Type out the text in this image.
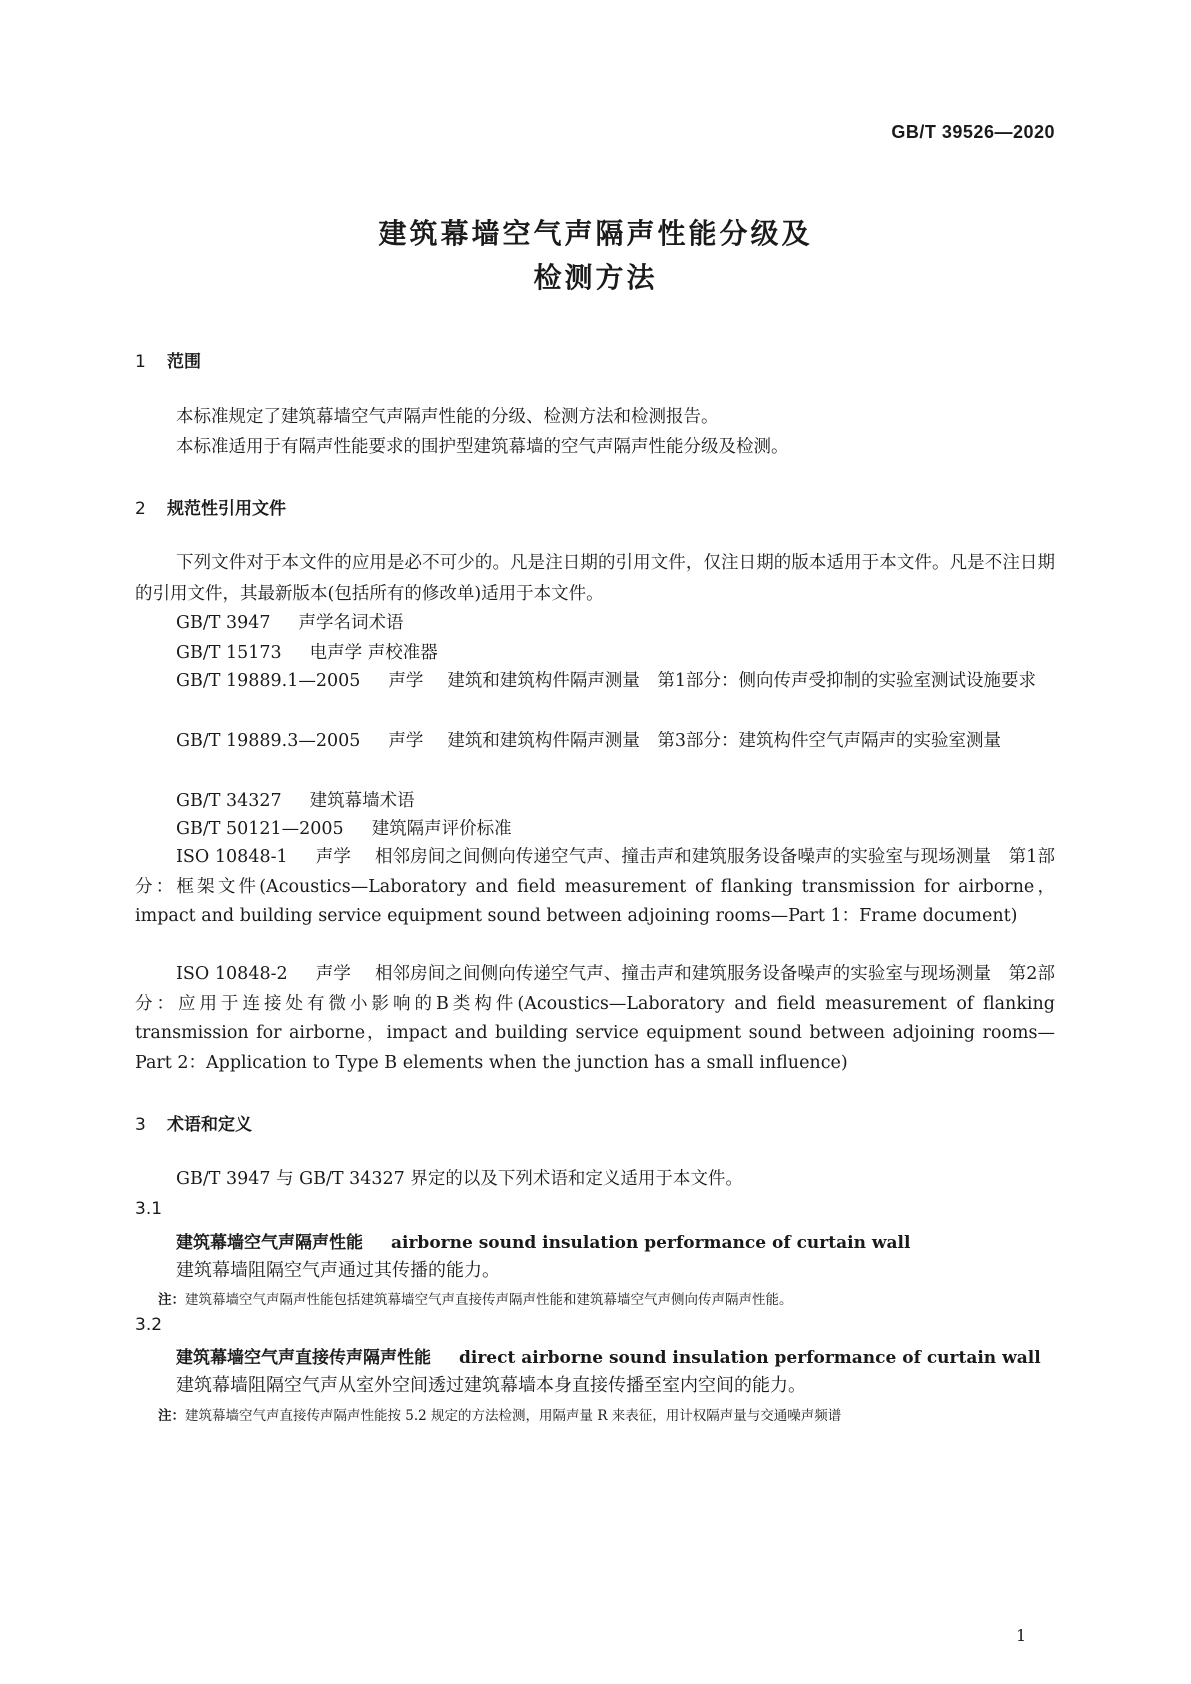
GB/T 39526—2020
建筑幕墙空气声隔声性能分级及
检测方法
1 范围
本标准规定了建筑幕墙空气声隔声性能的分级、检测方法和检测报告。
本标准适用于有隔声性能要求的围护型建筑幕墙的空气声隔声性能分级及检测。
2 规范性引用文件
下列文件对于本文件的应用是必不可少的。凡是注日期的引用文件，仅注日期的版本适用于本文件。凡是不注日期的引用文件，其最新版本(包括所有的修改单)适用于本文件。
GB/T 3947 声学名词术语
GB/T 15173 电声学 声校准器
GB/T 19889.1—2005 声学 建筑和建筑构件隔声测量　第1部分：侧向传声受抑制的实验室测试设施要求
GB/T 19889.3—2005 声学 建筑和建筑构件隔声测量　第3部分：建筑构件空气声隔声的实验室测量
GB/T 34327 建筑幕墙术语
GB/T 50121—2005 建筑隔声评价标准
ISO 10848-1 声学 相邻房间之间侧向传递空气声、撞击声和建筑服务设备噪声的实验室与现场测量　第1部分：框架文件(Acoustics—Laboratory and field measurement of flanking transmission for airborne，impact and building service equipment sound between adjoining rooms—Part 1：Frame document)
ISO 10848-2 声学 相邻房间之间侧向传递空气声、撞击声和建筑服务设备噪声的实验室与现场测量　第2部分：应用于连接处有微小影响的B类构件(Acoustics—Laboratory and field measurement of flanking transmission for airborne，impact and building service equipment sound between adjoining rooms—Part 2：Application to Type B elements when the junction has a small influence)
3 术语和定义
GB/T 3947 与 GB/T 34327 界定的以及下列术语和定义适用于本文件。
3.1
建筑幕墙空气声隔声性能 airborne sound insulation performance of curtain wall
建筑幕墙阻隔空气声通过其传播的能力。
注：建筑幕墙空气声隔声性能包括建筑幕墙空气声直接传声隔声性能和建筑幕墙空气声侧向传声隔声性能。
3.2
建筑幕墙空气声直接传声隔声性能 direct airborne sound insulation performance of curtain wall
建筑幕墙阻隔空气声从室外空间透过建筑幕墙本身直接传播至室内空间的能力。
注：建筑幕墙空气声直接传声隔声性能按 5.2 规定的方法检测，用隔声量 R 来表征，用计权隔声量与交通噪声频谱
1
